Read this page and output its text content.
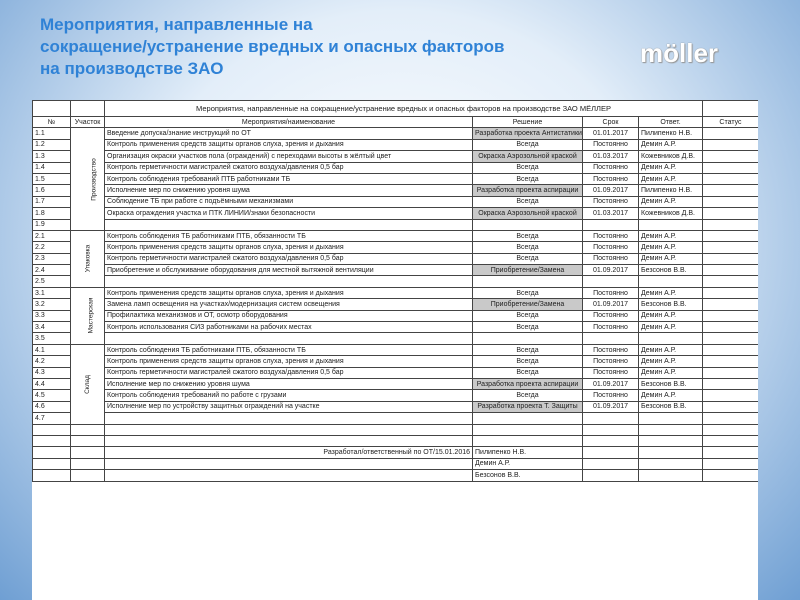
Мероприятия, направленные на
сокращение/устранение вредных и опасных факторов
на производстве ЗАО
möller
		Мероприятия, направленные на сокращение/устранение вредных и опасных факторов на производстве ЗАО МЁЛЛЕР				
№	Участок	Мероприятия/наименование	Решение	Срок	Ответ.	Статус
1.1	Производство	Введение допуска/знание инструкций по ОТ	Разработка проекта Антистатики	01.01.2017	Пилипенко Н.В.	
1.2		Контроль применения средств защиты органов слуха, зрения и дыхания	Всегда	Постоянно	Демин А.Р.	
1.3		Организация окраски участков пола (ограждений) с переходами высоты в жёлтый цвет	Окраска Аэрозольной краской	01.03.2017	Кожевников Д.В.	
1.4		Контроль герметичности магистралей сжатого воздуха/давления 0,5 бар	Всегда	Постоянно	Демин А.Р.	
1.5		Контроль соблюдения требований ПТБ работниками ТБ	Всегда	Постоянно	Демин А.Р.	
1.6		Исполнение мер по снижению уровня шума	Разработка проекта аспирации	01.09.2017	Пилипенко Н.В.	
1.7		Соблюдение ТБ при работе с подъёмными механизмами	Всегда	Постоянно	Демин А.Р.	
1.8		Окраска ограждения участка и ПТК ЛИНИИ/знаки безопасности	Окраска Аэрозольной краской	01.03.2017	Кожевников Д.В.	
1.9						
2.1	Упаковка	Контроль соблюдения ТБ работниками ПТБ, обязанности ТБ	Всегда	Постоянно	Демин А.Р.	
2.2		Контроль применения средств защиты органов слуха, зрения и дыхания	Всегда	Постоянно	Демин А.Р.	
2.3		Контроль герметичности магистралей сжатого воздуха/давления 0,5 бар	Всегда	Постоянно	Демин А.Р.	
2.4		Приобретение и обслуживание оборудования для местной вытяжной вентиляции	Приобретение/Замена	01.09.2017	Безсонов В.В.	
2.5						
3.1	Мастерская	Контроль применения средств защиты органов слуха, зрения и дыхания	Всегда	Постоянно	Демин А.Р.	
3.2		Замена ламп освещения на участках/модернизация систем освещения	Приобретение/Замена	01.09.2017	Безсонов В.В.	
3.3		Профилактика механизмов и ОТ, осмотр оборудования	Всегда	Постоянно	Демин А.Р.	
3.4		Контроль использования СИЗ работниками на рабочих местах	Всегда	Постоянно	Демин А.Р.	
3.5						
4.1	Склад	Контроль соблюдения ТБ работниками ПТБ, обязанности ТБ	Всегда	Постоянно	Демин А.Р.	
4.2		Контроль применения средств защиты органов слуха, зрения и дыхания	Всегда	Постоянно	Демин А.Р.	
4.3		Контроль герметичности магистралей сжатого воздуха/давления 0,5 бар	Всегда	Постоянно	Демин А.Р.	
4.4		Исполнение мер по снижению уровня шума	Разработка проекта аспирации	01.09.2017	Безсонов В.В.	
4.5		Контроль соблюдения требований по работе с грузами	Всегда	Постоянно	Демин А.Р.	
4.6		Исполнение мер по устройству защитных ограждений на участке	Разработка проекта Т. Защиты	01.09.2017	Безсонов В.В.	
4.7						

		Разработал/ответственный по ОТ/15.01.2016	Пилипенко Н.В.			
			Демин А.Р.			
			Безсонов В.В.			
